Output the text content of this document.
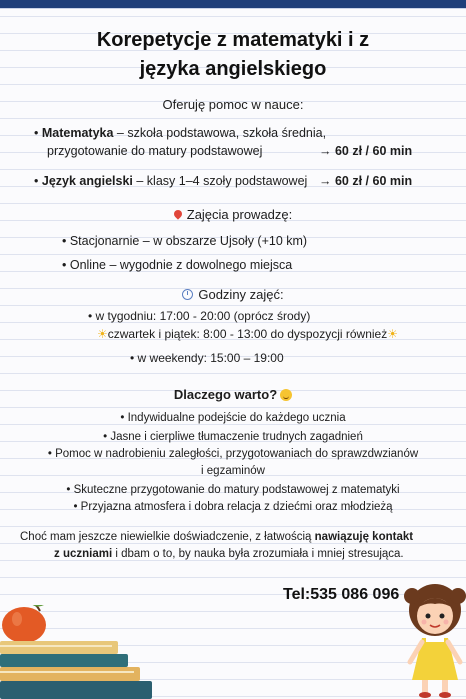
Korepetycje z matematyki i z
języka angielskiego
Oferuję pomoc w nauce:
• Matematyka – szkoła podstawowa, szkoła średnia,
przygotowanie do matury podstawowej	→ 60 zł / 60 min
• Język angielski – klasy 1–4 szoły podstawowej → 60 zł / 60 min
Zajęcia prowadzę:
• Stacjonarnie – w obszarze Ujsoły (+10 km)
• Online – wygodnie z dowolnego miejsca
Godziny zajęć:
• w tygodniu: 17:00 - 20:00 (oprócz środy)
☀czwartek i piątek: 8:00 - 13:00 do dyspozycji również☀
• w weekendy: 15:00 – 19:00
Dlaczego warto?
• Indywidualne podejście do każdego ucznia
• Jasne i cierpliwe tłumaczenie trudnych zagadnień
• Pomoc w nadrobieniu zaległości, przygotowaniach do sprawzdwzianów
i egzaminów
• Skuteczne przygotowanie do matury podstawowej z matematyki
• Przyjazna atmosfera i dobra relacja z dziećmi oraz młodzieżą
Choć mam jeszcze niewielkie doświadczenie, z łatwością nawiązuję kontakt
z uczniami i dbam o to, by nauka była zrozumiała i mniej stresująca.
Tel:535 086 096
